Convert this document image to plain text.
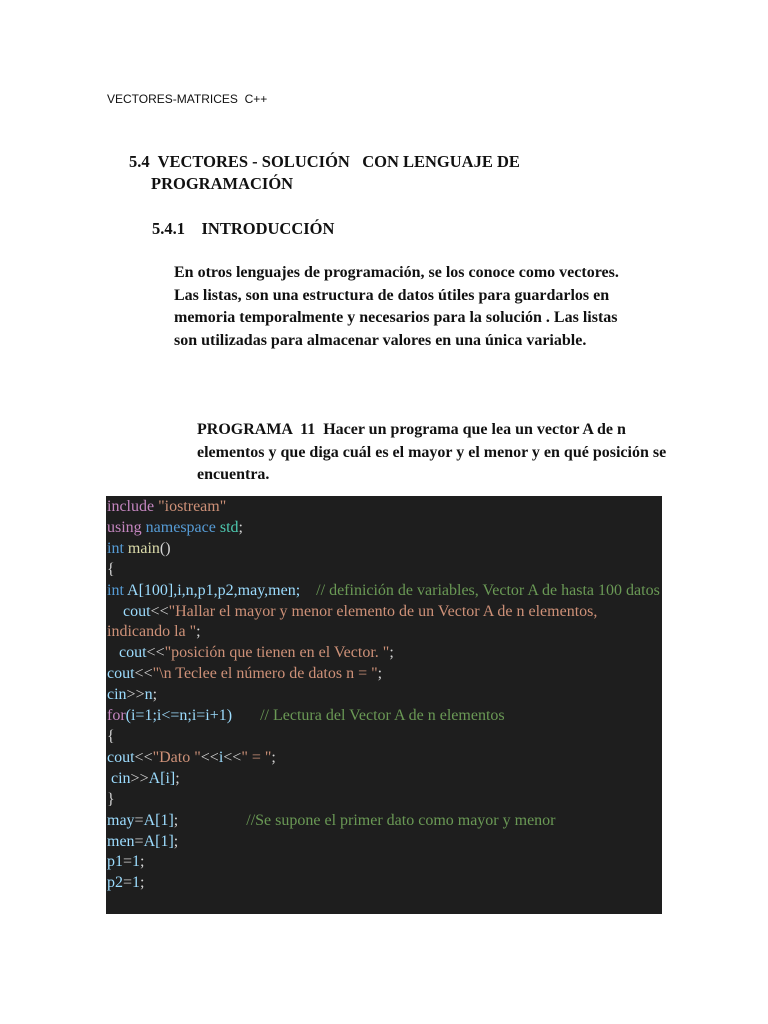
VECTORES-MATRICES  C++
5.4  VECTORES - SOLUCIÓN   CON LENGUAJE DE
PROGRAMACIÓN
5.4.1    INTRODUCCIÓN
En otros lenguajes de programación, se los conoce como vectores. Las listas, son una estructura de datos útiles para guardarlos en memoria temporalmente y necesarios para la solución . Las listas son utilizadas para almacenar valores en una única variable.
PROGRAMA  11  Hacer un programa que lea un vector A de n elementos y que diga cuál es el mayor y el menor y en qué posición se encuentra.
include "iostream"
using namespace std;
int main()
{
int A[100],i,n,p1,p2,may,men;    // definición de variables, Vector A de hasta 100 datos
cout<<"Hallar el mayor y menor elemento de un Vector A de n elementos, indicando la ";
cout<<"posición que tienen en el Vector. ";
cout<<"\n Teclee el número de datos n = ";
cin>>n;
for(i=1;i<=n;i=i+1)       // Lectura del Vector A de n elementos
{
cout<<"Dato "<<i<<" = ";
cin>>A[i];
}
may=A[1];                 //Se supone el primer dato como mayor y menor
men=A[1];
p1=1;
p2=1;
